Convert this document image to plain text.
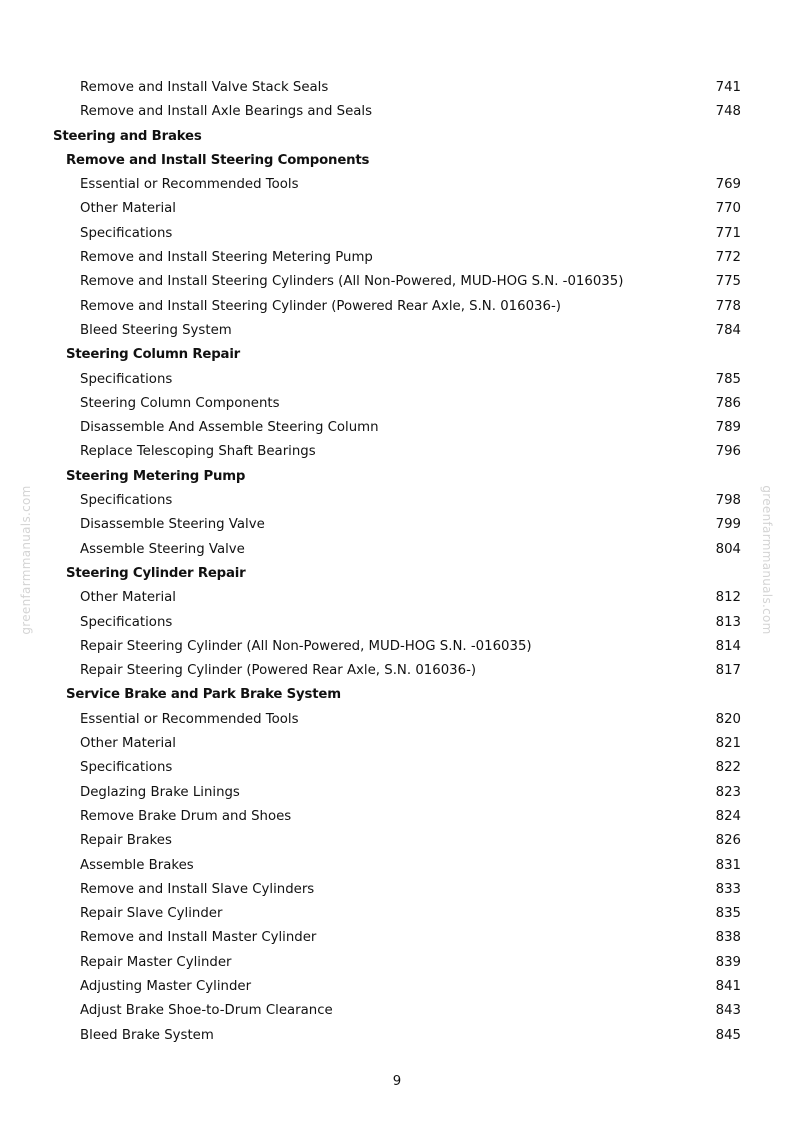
Remove and Install Valve Stack Seals	741
Remove and Install Axle Bearings and Seals	748
Steering and Brakes
Remove and Install Steering Components
Essential or Recommended Tools	769
Other Material	770
Specifications	771
Remove and Install Steering Metering Pump	772
Remove and Install Steering Cylinders (All Non-Powered, MUD-HOG S.N. -016035)	775
Remove and Install Steering Cylinder (Powered Rear Axle, S.N. 016036-)	778
Bleed Steering System	784
Steering Column Repair
Specifications	785
Steering Column Components	786
Disassemble And Assemble Steering Column	789
Replace Telescoping Shaft Bearings	796
Steering Metering Pump
Specifications	798
Disassemble Steering Valve	799
Assemble Steering Valve	804
Steering Cylinder Repair
Other Material	812
Specifications	813
Repair Steering Cylinder (All Non-Powered, MUD-HOG S.N. -016035)	814
Repair Steering Cylinder (Powered Rear Axle, S.N. 016036-)	817
Service Brake and Park Brake System
Essential or Recommended Tools	820
Other Material	821
Specifications	822
Deglazing Brake Linings	823
Remove Brake Drum and Shoes	824
Repair Brakes	826
Assemble Brakes	831
Remove and Install Slave Cylinders	833
Repair Slave Cylinder	835
Remove and Install Master Cylinder	838
Repair Master Cylinder	839
Adjusting Master Cylinder	841
Adjust Brake Shoe-to-Drum Clearance	843
Bleed Brake System	845
9
greenfarmmanuals.com	greenfarmmanuals.com
